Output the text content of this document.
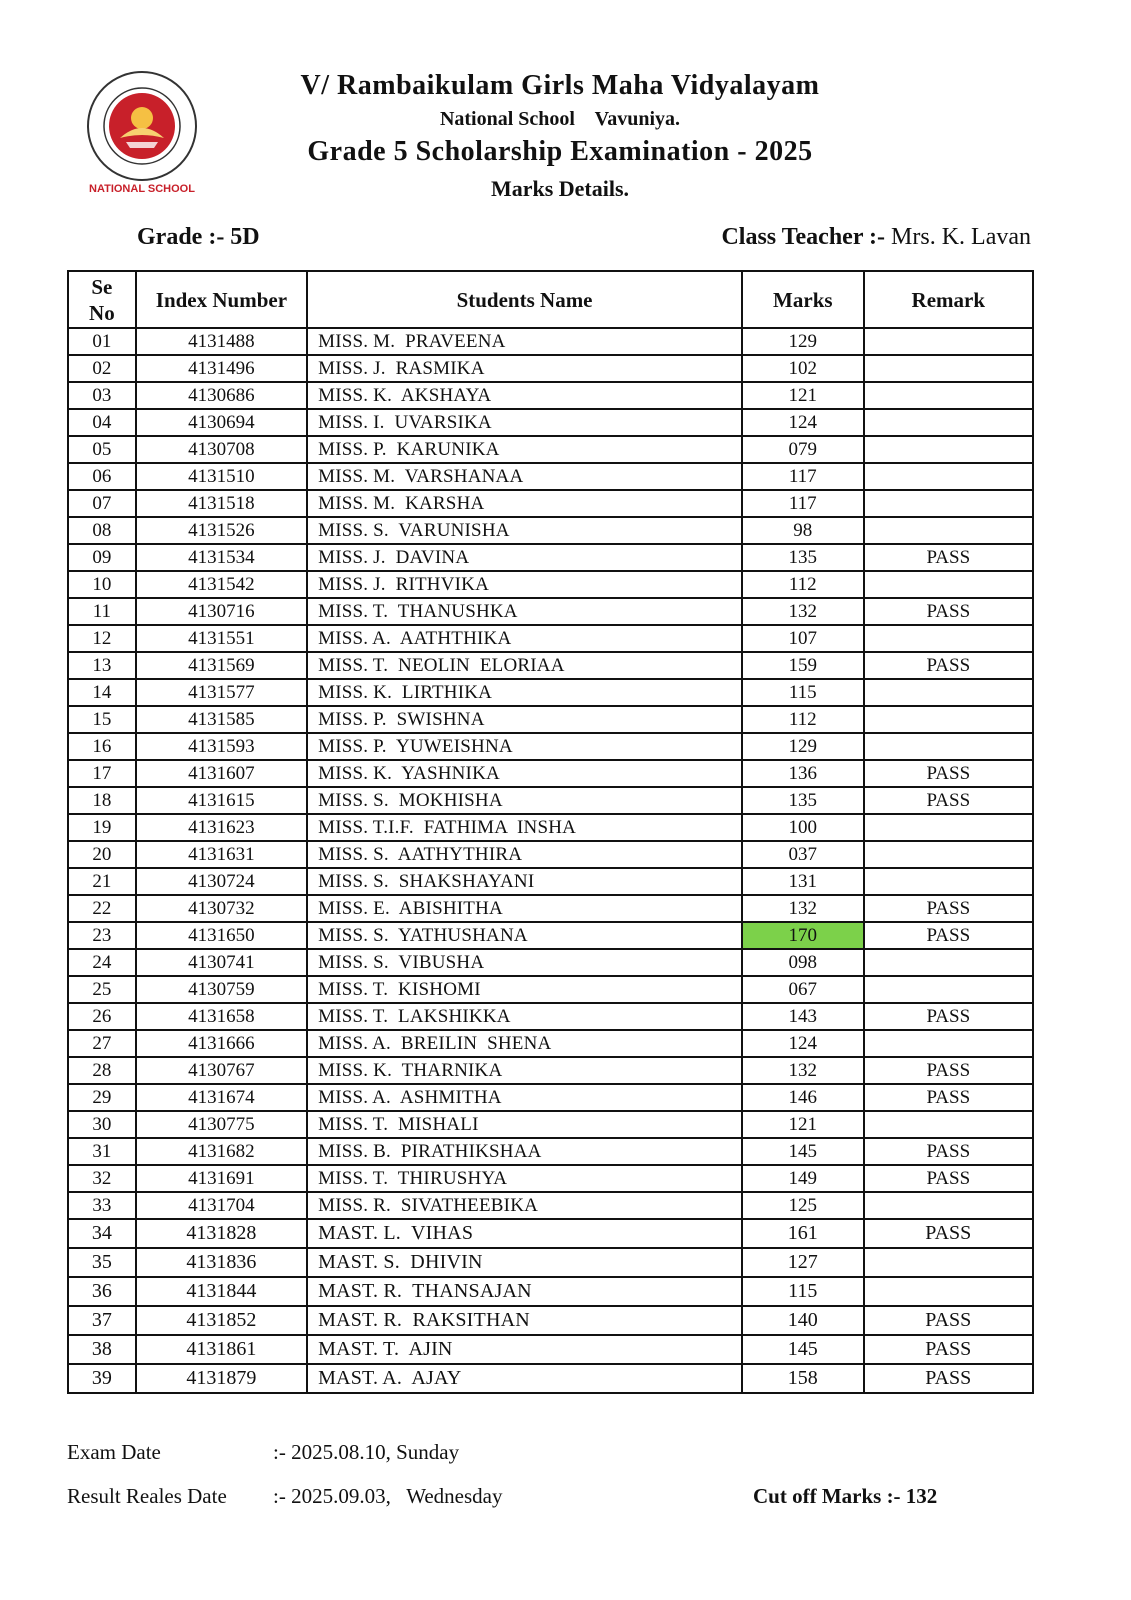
NATIONAL SCHOOL
V/ Rambaikulam Girls Maha Vidyalayam
National School    Vavuniya.
Grade 5 Scholarship Examination - 2025
Marks Details.
Grade :- 5D	Class Teacher :- Mrs. K. Lavan
Se
No	Index Number	Students Name	Marks	Remark
01	4131488	MISS. M.  PRAVEENA	129	
02	4131496	MISS. J.  RASMIKA	102	
03	4130686	MISS. K.  AKSHAYA	121	
04	4130694	MISS. I.  UVARSIKA	124	
05	4130708	MISS. P.  KARUNIKA	079	
06	4131510	MISS. M.  VARSHANAA	117	
07	4131518	MISS. M.  KARSHA	117	
08	4131526	MISS. S.  VARUNISHA	98	
09	4131534	MISS. J.  DAVINA	135	PASS
10	4131542	MISS. J.  RITHVIKA	112	
11	4130716	MISS. T.  THANUSHKA	132	PASS
12	4131551	MISS. A.  AATHTHIKA	107	
13	4131569	MISS. T.  NEOLIN  ELORIAA	159	PASS
14	4131577	MISS. K.  LIRTHIKA	115	
15	4131585	MISS. P.  SWISHNA	112	
16	4131593	MISS. P.  YUWEISHNA	129	
17	4131607	MISS. K.  YASHNIKA	136	PASS
18	4131615	MISS. S.  MOKHISHA	135	PASS
19	4131623	MISS. T.I.F.  FATHIMA  INSHA	100	
20	4131631	MISS. S.  AATHYTHIRA	037	
21	4130724	MISS. S.  SHAKSHAYANI	131	
22	4130732	MISS. E.  ABISHITHA	132	PASS
23	4131650	MISS. S.  YATHUSHANA	170	PASS
24	4130741	MISS. S.  VIBUSHA	098	
25	4130759	MISS. T.  KISHOMI	067	
26	4131658	MISS. T.  LAKSHIKKA	143	PASS
27	4131666	MISS. A.  BREILIN  SHENA	124	
28	4130767	MISS. K.  THARNIKA	132	PASS
29	4131674	MISS. A.  ASHMITHA	146	PASS
30	4130775	MISS. T.  MISHALI	121	
31	4131682	MISS. B.  PIRATHIKSHAA	145	PASS
32	4131691	MISS. T.  THIRUSHYA	149	PASS
33	4131704	MISS. R.  SIVATHEEBIKA	125	
34	4131828	MAST. L.  VIHAS	161	PASS
35	4131836	MAST. S.  DHIVIN	127	
36	4131844	MAST. R.  THANSAJAN	115	
37	4131852	MAST. R.  RAKSITHAN	140	PASS
38	4131861	MAST. T.  AJIN	145	PASS
39	4131879	MAST. A.  AJAY	158	PASS
Exam Date	:- 2025.08.10, Sunday
Result Reales Date :- 2025.09.03,   Wednesday	Cut off Marks :- 132
